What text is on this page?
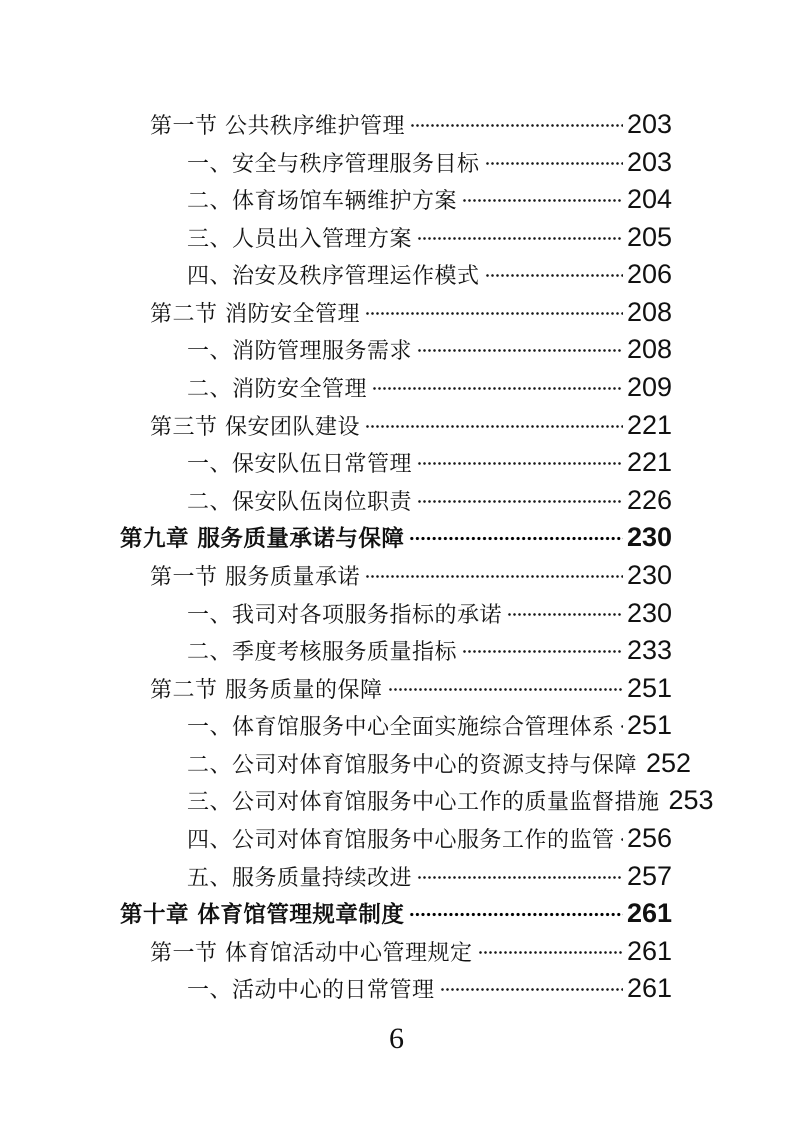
第一节 公共秩序维护管理	203
一、安全与秩序管理服务目标	203
二、体育场馆车辆维护方案	204
三、人员出入管理方案	205
四、治安及秩序管理运作模式	206
第二节 消防安全管理	208
一、消防管理服务需求	208
二、消防安全管理	209
第三节 保安团队建设	221
一、保安队伍日常管理	221
二、保安队伍岗位职责	226
第九章 服务质量承诺与保障	230
第一节 服务质量承诺	230
一、我司对各项服务指标的承诺	230
二、季度考核服务质量指标	233
第二节 服务质量的保障	251
一、体育馆服务中心全面实施综合管理体系 251
二、公司对体育馆服务中心的资源支持与保障 252
三、公司对体育馆服务中心工作的质量监督措施 253
四、公司对体育馆服务中心服务工作的监管 256
五、服务质量持续改进	257
第十章 体育馆管理规章制度	261
第一节 体育馆活动中心管理规定	261
一、活动中心的日常管理	261
6
